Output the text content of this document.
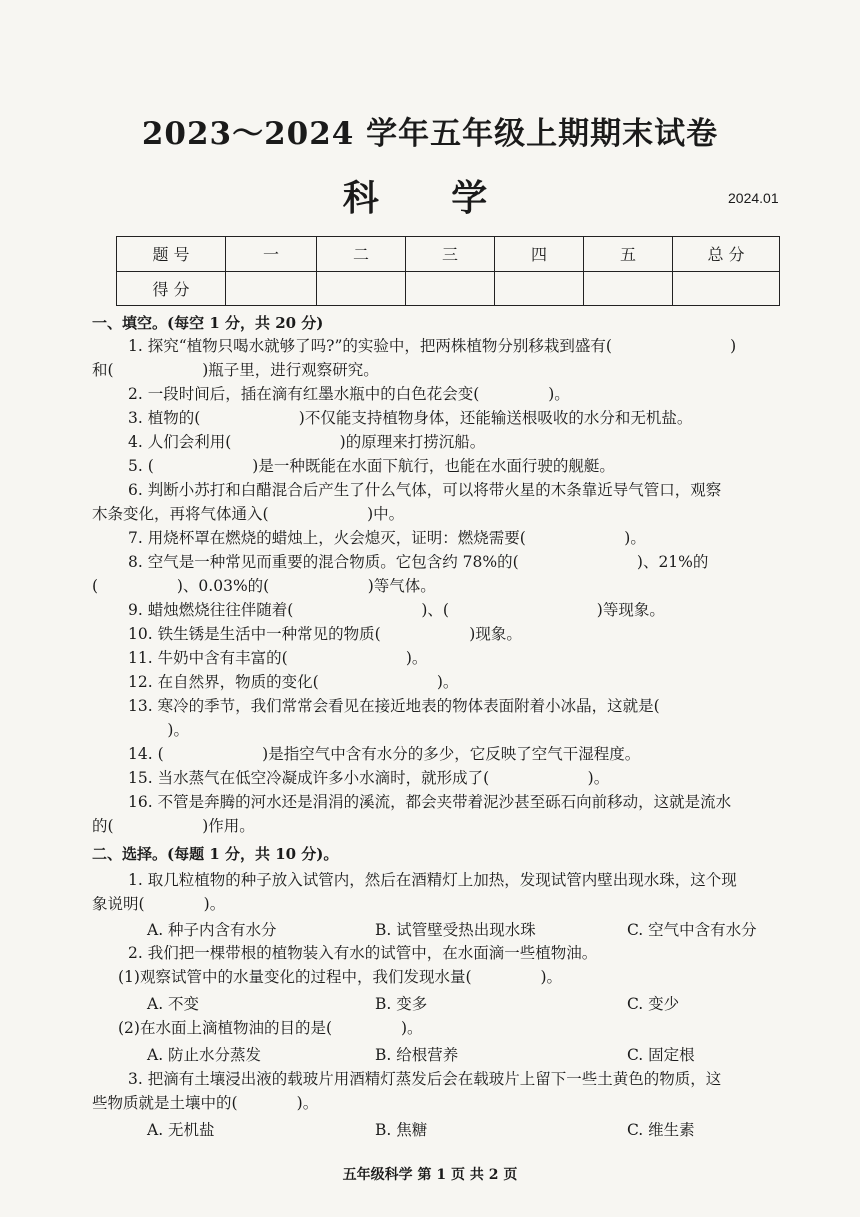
2023～2024 学年五年级上期期末试卷
科 学	2024.01
题 号	一	二	三	四	五	总 分
得 分						
一、填空。(每空 1 分，共 20 分)
1. 探究“植物只喝水就够了吗?”的实验中，把两株植物分别移栽到盛有(                        )
和(                  )瓶子里，进行观察研究。
2. 一段时间后，插在滴有红墨水瓶中的白色花会变(              )。
3. 植物的(                    )不仅能支持植物身体，还能输送根吸收的水分和无机盐。
4. 人们会利用(                      )的原理来打捞沉船。
5. (                    )是一种既能在水面下航行，也能在水面行驶的舰艇。
6. 判断小苏打和白醋混合后产生了什么气体，可以将带火星的木条靠近导气管口，观察
木条变化，再将气体通入(                    )中。
7. 用烧杯罩在燃烧的蜡烛上，火会熄灭，证明：燃烧需要(                    )。
8. 空气是一种常见而重要的混合物质。它包含约 78%的(                        )、21%的
(                )、0.03%的(                    )等气体。
9. 蜡烛燃烧往往伴随着(                          )、(                              )等现象。
10. 铁生锈是生活中一种常见的物质(                  )现象。
11. 牛奶中含有丰富的(                        )。
12. 在自然界，物质的变化(                        )。
13. 寒冷的季节，我们常常会看见在接近地表的物体表面附着小冰晶，这就是(
)。
14. (                    )是指空气中含有水分的多少，它反映了空气干湿程度。
15. 当水蒸气在低空冷凝成许多小水滴时，就形成了(                    )。
16. 不管是奔腾的河水还是涓涓的溪流，都会夹带着泥沙甚至砾石向前移动，这就是流水
的(                  )作用。
二、选择。(每题 1 分，共 10 分)。
1. 取几粒植物的种子放入试管内，然后在酒精灯上加热，发现试管内壁出现水珠，这个现
象说明(            )。
A. 种子内含有水分	B. 试管壁受热出现水珠	C. 空气中含有水分
2. 我们把一棵带根的植物装入有水的试管中，在水面滴一些植物油。
(1)观察试管中的水量变化的过程中，我们发现水量(              )。
A. 不变	B. 变多	C. 变少
(2)在水面上滴植物油的目的是(              )。
A. 防止水分蒸发	B. 给根营养	C. 固定根
3. 把滴有土壤浸出液的载玻片用酒精灯蒸发后会在载玻片上留下一些土黄色的物质，这
些物质就是土壤中的(            )。
A. 无机盐	B. 焦糖	C. 维生素
五年级科学 第 1 页 共 2 页
